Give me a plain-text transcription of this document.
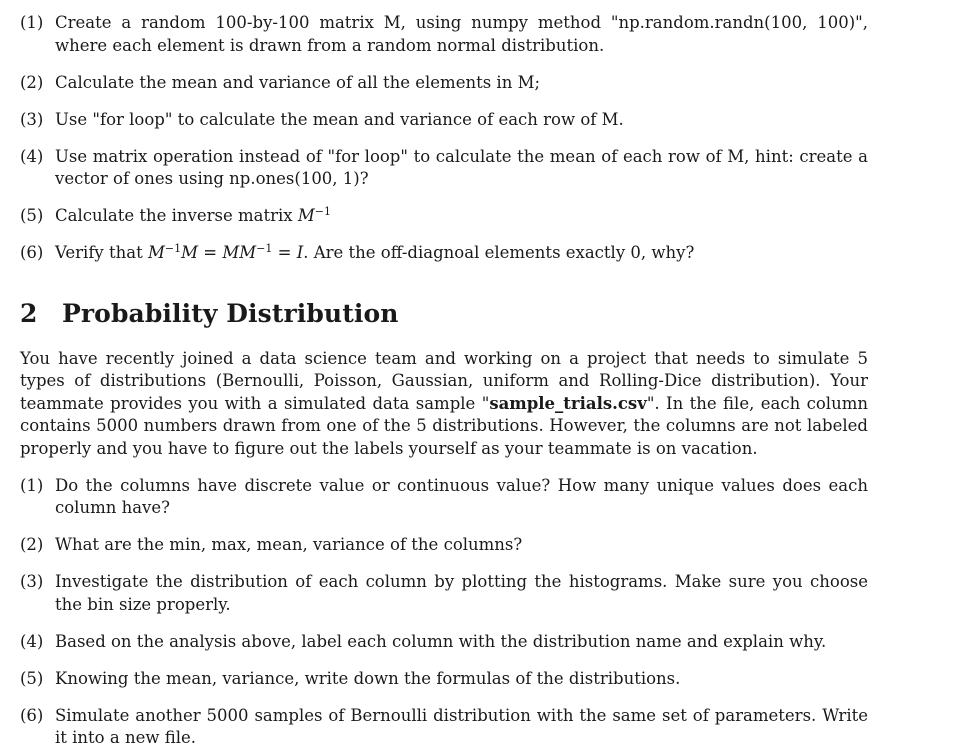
(1) Create a random 100-by-100 matrix M, using numpy method "np.random.randn(100, 100)", where each element is drawn from a random normal distribution.
(2) Calculate the mean and variance of all the elements in M;
(3) Use "for loop" to calculate the mean and variance of each row of M.
(4) Use matrix operation instead of "for loop" to calculate the mean of each row of M, hint: create a vector of ones using np.ones(100, 1)?
(5) Calculate the inverse matrix $M^{-1}$
(6) Verify that $M^{-1}M = MM^{-1} = I$. Are the off-diagnoal elements exactly 0, why?
2 Probability Distribution

You have recently joined a data science team and working on a project that needs to simulate 5 types of distributions (Bernoulli, Poisson, Gaussian, uniform and Rolling-Dice distribution). Your teammate provides you with a simulated data sample "sample_trials.csv". In the file, each column contains 5000 numbers drawn from one of the 5 distributions. However, the columns are not labeled properly and you have to figure out the labels yourself as your teammate is on vacation.

(1) Do the columns have discrete value or continuous value? How many unique values does each column have?
(2) What are the min, max, mean, variance of the columns?
(3) Investigate the distribution of each column by plotting the histograms. Make sure you choose the bin size properly.
(4) Based on the analysis above, label each column with the distribution name and explain why.
(5) Knowing the mean, variance, write down the formulas of the distributions.
(6) Simulate another 5000 samples of Bernoulli distribution with the same set of parameters. Write it into a new file.
